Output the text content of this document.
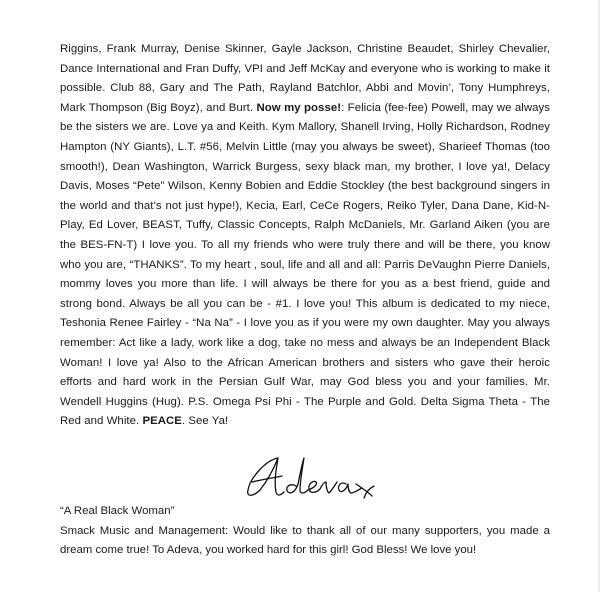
Riggins, Frank Murray, Denise Skinner, Gayle Jackson, Christine Beaudet, Shirley Chevalier, Dance International and Fran Duffy, VPI and Jeff McKay and everyone who is working to make it possible. Club 88, Gary and The Path, Rayland Batchlor, Abbi and Movin’, Tony Humphreys, Mark Thompson (Big Boyz), and Burt. Now my posse!: Felicia (fee-fee) Powell, may we always be the sisters we are. Love ya and Keith. Kym Mallory, Shanell Irving, Holly Richardson, Rodney Hampton (NY Giants), L.T. #56, Melvin Little (may you always be sweet), Sharieef Thomas (too smooth!), Dean Washington, Warrick Burgess, sexy black man, my brother, I love ya!, Delacy Davis, Moses “Pete” Wilson, Kenny Bobien and Eddie Stockley (the best background singers in the world and that’s not just hype!), Kecia, Earl, CeCe Rogers, Reiko Tyler, Dana Dane, Kid-N-Play, Ed Lover, BEAST, Tuffy, Classic Concepts, Ralph McDaniels, Mr. Garland Aiken (you are the BES-FN-T) I love you. To all my friends who were truly there and will be there, you know who you are, “THANKS”. To my heart , soul, life and all and all: Parris DeVaughn Pierre Daniels, mommy loves you more than life. I will always be there for you as a best friend, guide and strong bond. Always be all you can be - #1. I love you! This album is dedicated to my niece, Teshonia Renee Fairley - “Na Na” - I love you as if you were my own daughter. May you always remember: Act like a lady, work like a dog, take no mess and always be an Independent Black Woman! I love ya! Also to the African American brothers and sisters who gave their heroic efforts and hard work in the Persian Gulf War, may God bless you and your families. Mr. Wendell Huggins (Hug). P.S. Omega Psi Phi - The Purple and Gold. Delta Sigma Theta - The Red and White. PEACE. See Ya!

“A Real Black Woman”

Smack Music and Management: Would like to thank all of our many supporters, you made a dream come true! To Adeva, you worked hard for this girl! God Bless! We love you!
